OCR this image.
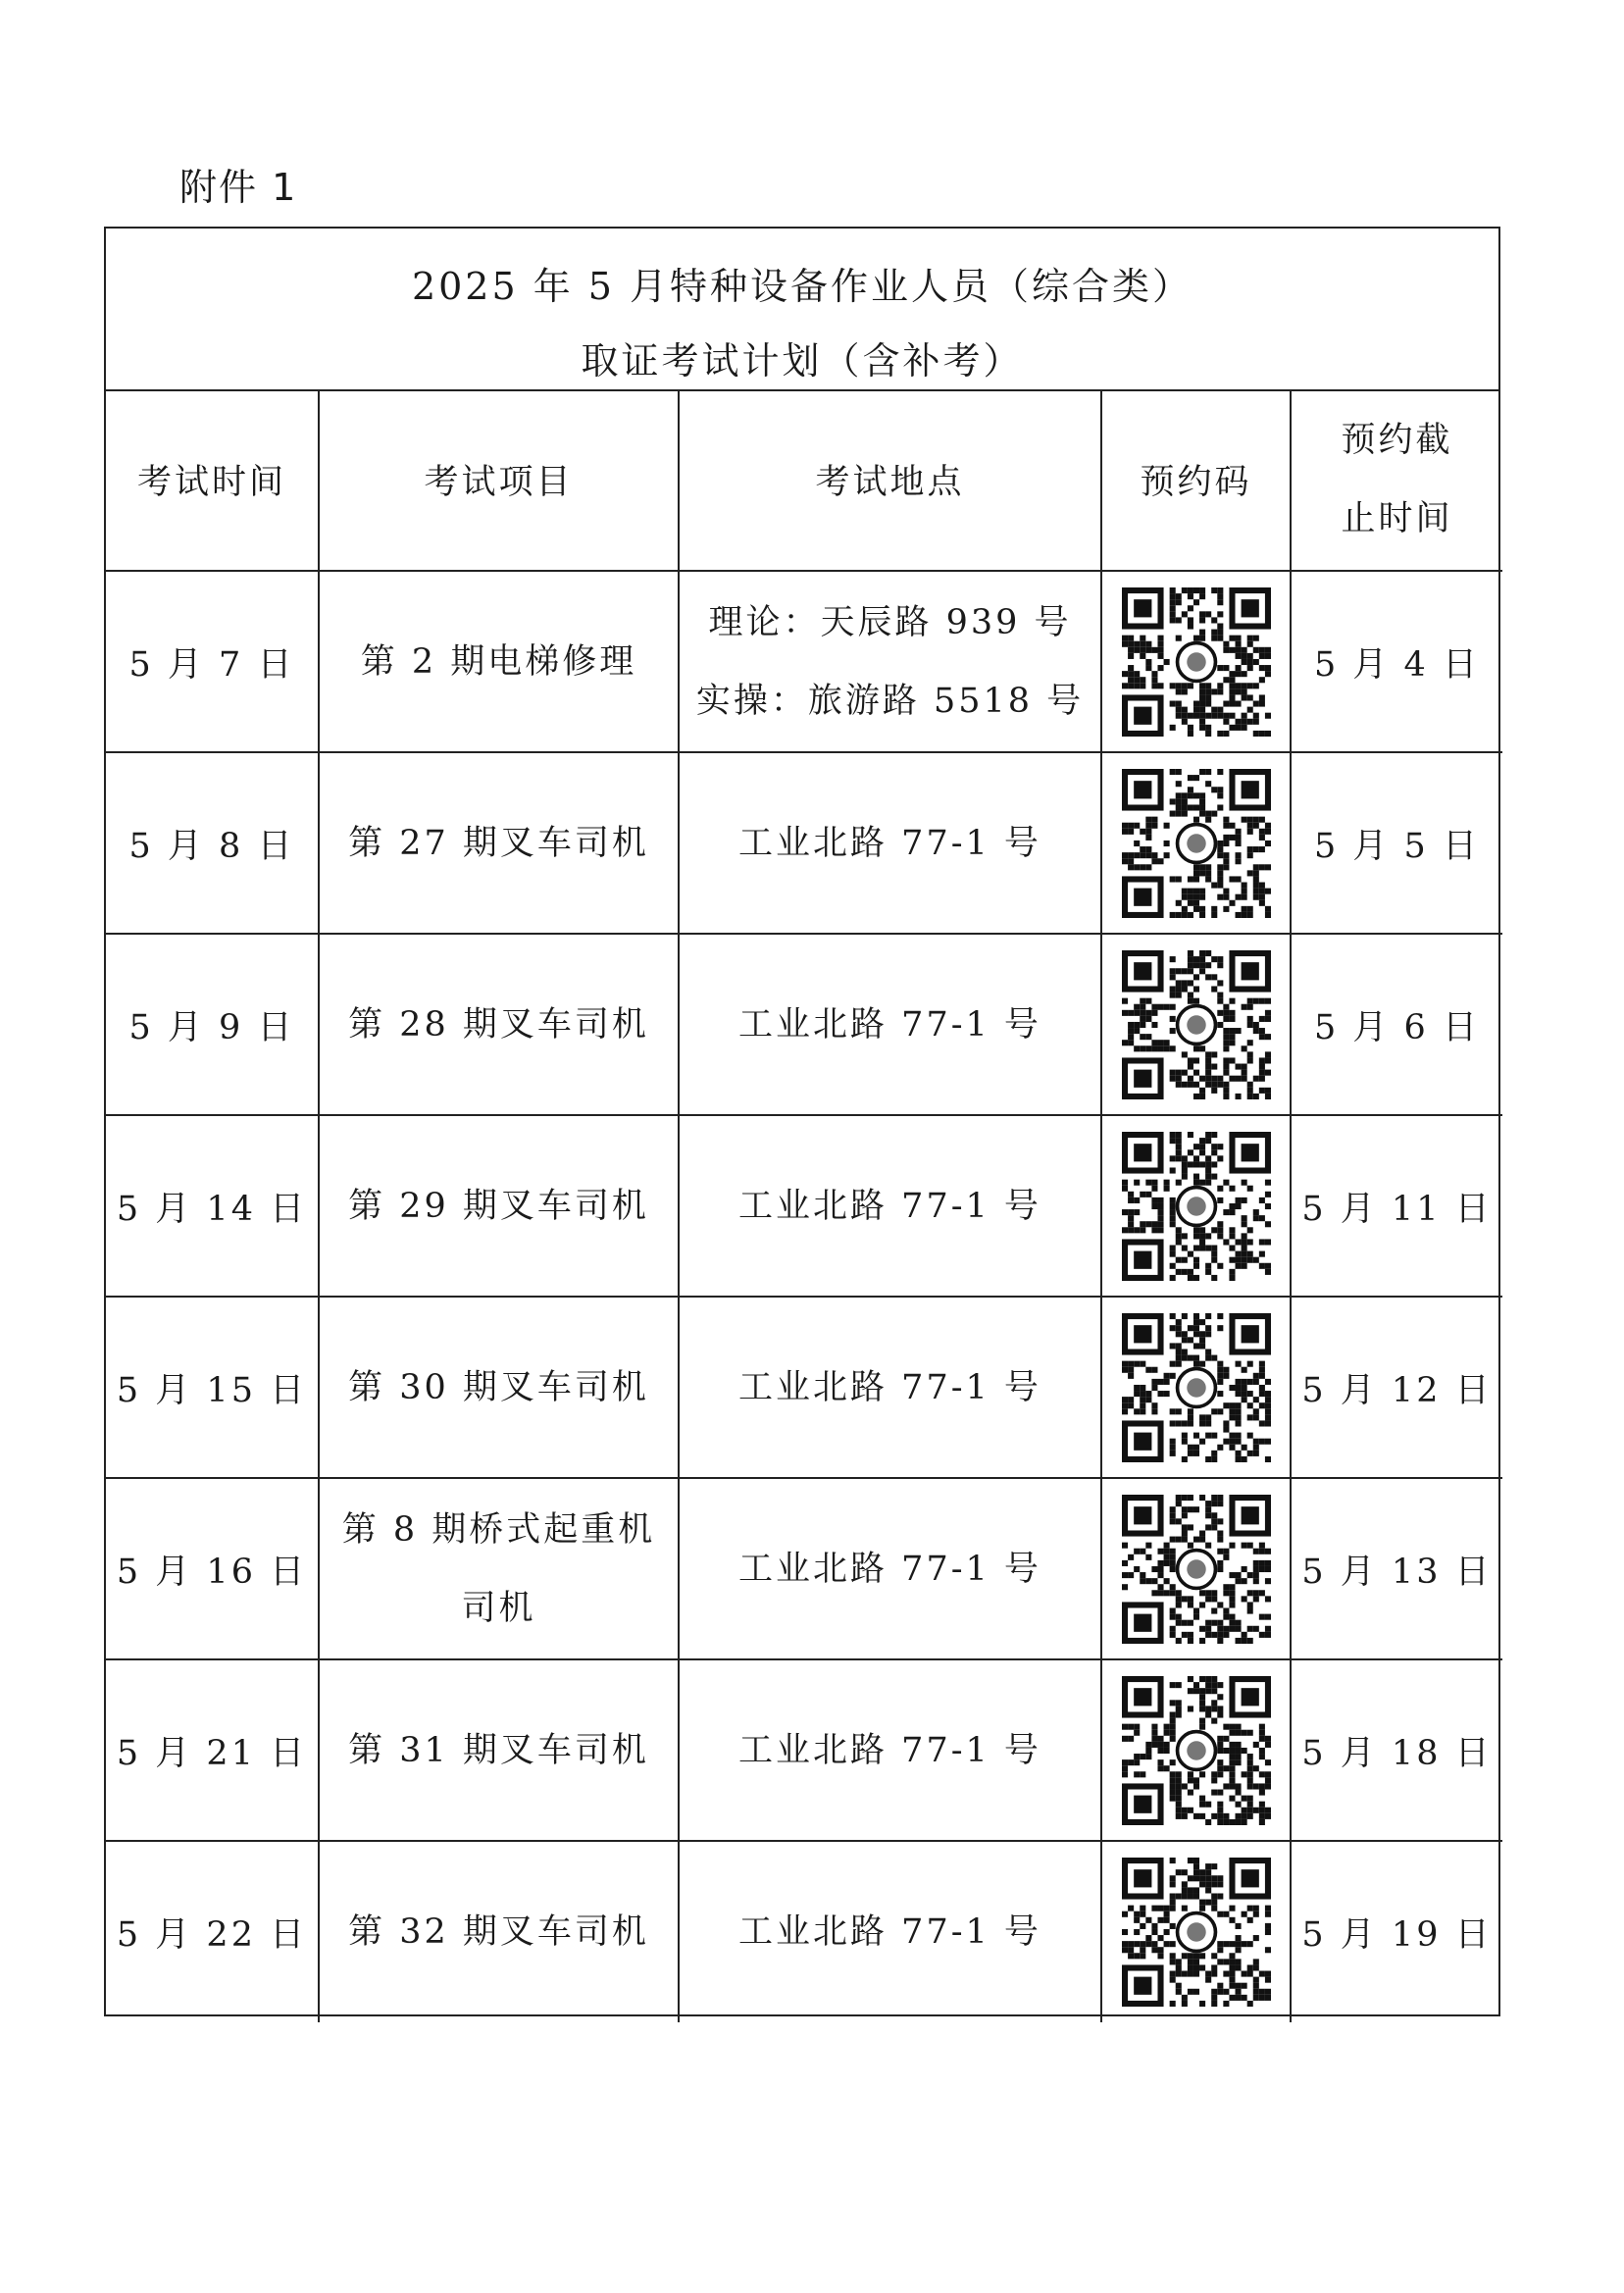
附件 1
2025 年 5 月特种设备作业人员（综合类）
取证考试计划（含补考）
考试时间	考试项目	考试地点	预约码	预约截
止时间
5 月 7 日	第 2 期电梯修理	理论：天辰路 939 号
实操：旅游路 5518 号		5 月 4 日
5 月 8 日	第 27 期叉车司机	工业北路 77-1 号		5 月 5 日
5 月 9 日	第 28 期叉车司机	工业北路 77-1 号		5 月 6 日
5 月 14 日	第 29 期叉车司机	工业北路 77-1 号		5 月 11 日
5 月 15 日	第 30 期叉车司机	工业北路 77-1 号		5 月 12 日
5 月 16 日	第 8 期桥式起重机
司机	工业北路 77-1 号		5 月 13 日
5 月 21 日	第 31 期叉车司机	工业北路 77-1 号		5 月 18 日
5 月 22 日	第 32 期叉车司机	工业北路 77-1 号		5 月 19 日
